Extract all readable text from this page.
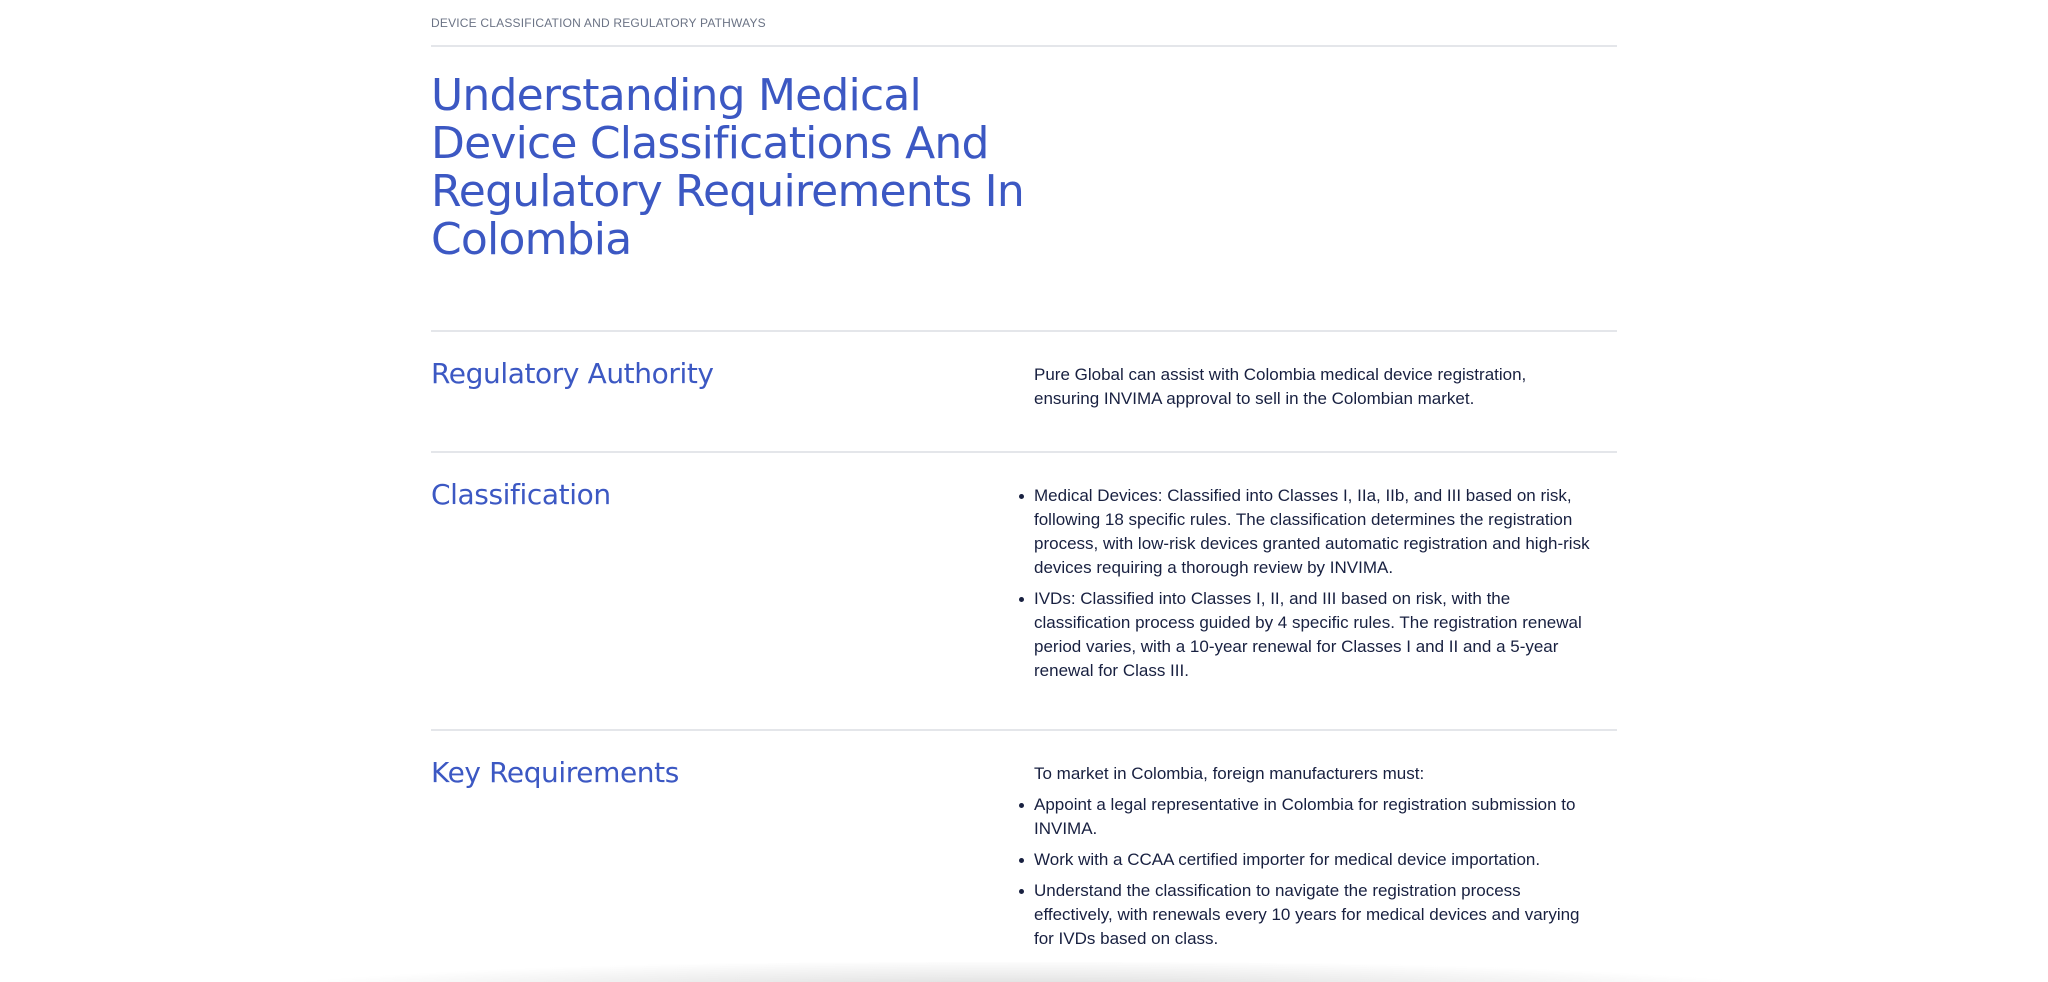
DEVICE CLASSIFICATION AND REGULATORY PATHWAYS
Understanding Medical Device Classifications And Regulatory Requirements In Colombia
Regulatory Authority	Pure Global can assist with Colombia medical device registration, ensuring INVIMA approval to sell in the Colombian market.

Classification	Medical Devices: Classified into Classes I, IIa, IIb, and III based on risk, following 18 specific rules. The classification determines the registration process, with low-risk devices granted automatic registration and high-risk devices requiring a thorough review by INVIMA.
IVDs: Classified into Classes I, II, and III based on risk, with the classification process guided by 4 specific rules. The registration renewal period varies, with a 10-year renewal for Classes I and II and a 5-year renewal for Class III.
Key Requirements	To market in Colombia, foreign manufacturers must:

Appoint a legal representative in Colombia for registration submission to INVIMA.
Work with a CCAA certified importer for medical device importation.
Understand the classification to navigate the registration process effectively, with renewals every 10 years for medical devices and varying for IVDs based on class.
